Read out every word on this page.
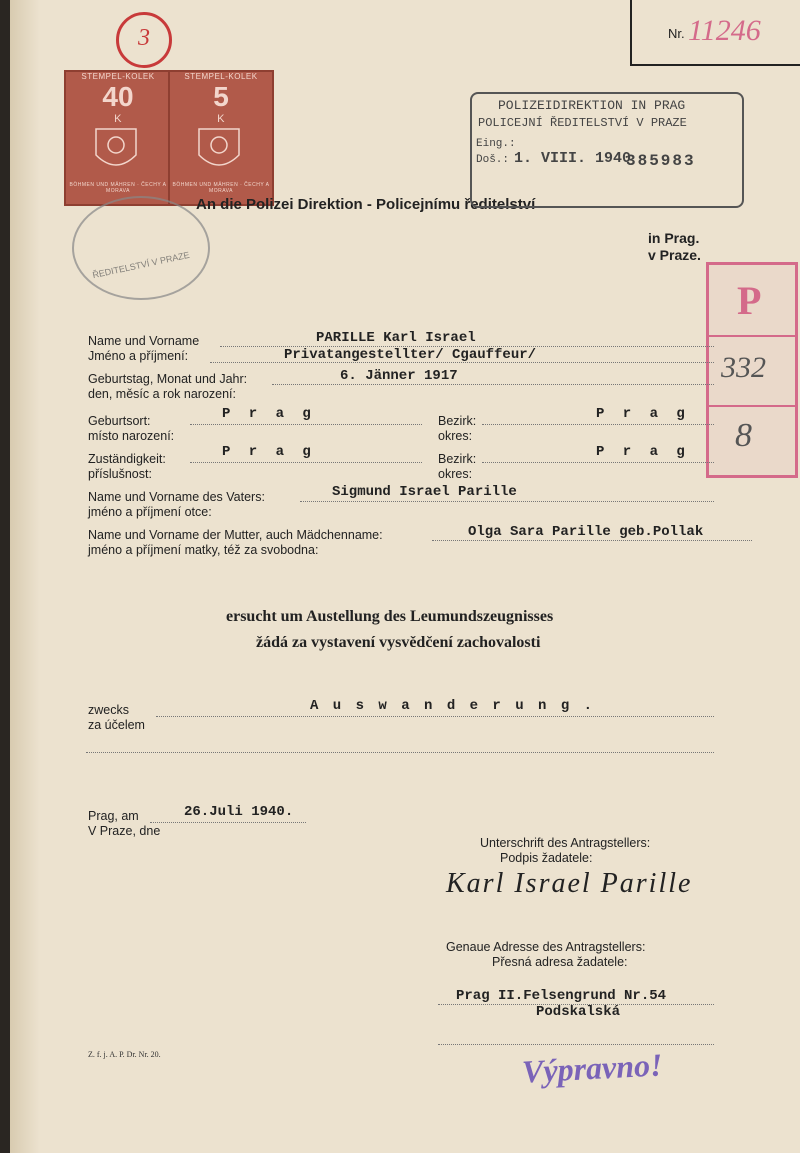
Nr. 11246
3
STEMPEL-KOLEK
40
K
BÖHMEN UND MÄHREN · ČECHY A MORAVA
STEMPEL-KOLEK
5
K
BÖHMEN UND MÄHREN · ČECHY A MORAVA
ŘEDITELSTVÍ V PRAZE
An die Polizei Direktion - Policejnímu ředitelství
in Prag.
v Praze.
POLIZEIDIREKTION IN PRAG
POLICEJNÍ ŘEDITELSTVÍ V PRAZE
Eing.:
Doš.: 1. VIII. 1940
385983
P
332
8
Name und Vorname
Jméno a příjmení:
PARILLE Karl Israel
Privatangestellter/ Cgauffeur/
Geburtstag, Monat und Jahr:
den, měsíc a rok narození:
6. Jänner 1917
Geburtsort:
místo narození:
P r a g	Bezirk:
okres:
P r a g
Zuständigkeit:
příslušnost:
P r a g	Bezirk:
okres:
P r a g
Name und Vorname des Vaters:
jméno a příjmení otce:
Sigmund Israel Parille
Name und Vorname der Mutter, auch Mädchenname:
jméno a příjmení matky, též za svobodna:
Olga Sara Parille geb.Pollak
ersucht um Austellung des Leumundszeugnisses
žádá za vystavení vysvědčení zachovalosti
zwecks
za účelem
A u s w a n d e r u n g .
Prag, am
V Praze, dne
26.Juli 1940.
Unterschrift des Antragstellers:
Podpis žadatele:
Karl Israel Parille
Genaue Adresse des Antragstellers:
Přesná adresa žadatele:
Prag II.Felsengrund Nr.54
Podskalská
Z. f. j. A. P. Dr. Nr. 20.	Výpravno!
